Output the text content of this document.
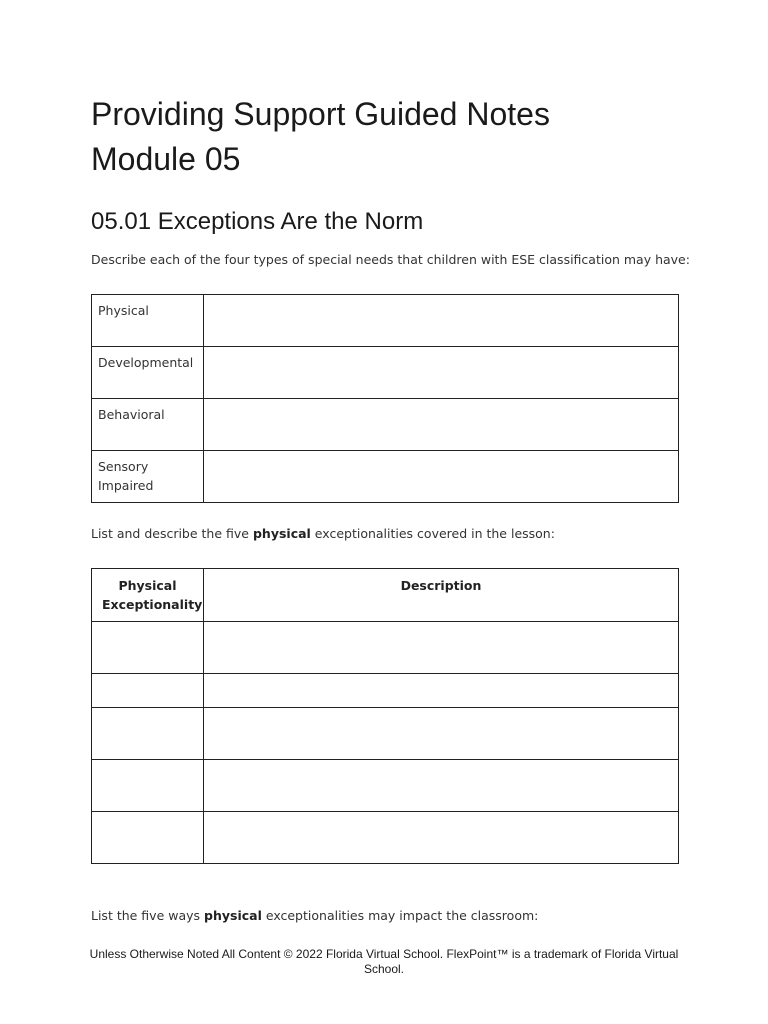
Providing Support Guided Notes
Module 05
05.01 Exceptions Are the Norm

Describe each of the four types of special needs that children with ESE classification may have:

Physical	
Developmental	
Behavioral	
Sensory Impaired	

List and describe the five physical exceptionalities covered in the lesson:

Physical Exceptionality	Description

List the five ways physical exceptionalities may impact the classroom:

Unless Otherwise Noted All Content © 2022 Florida Virtual School. FlexPoint™ is a trademark of Florida Virtual School.
